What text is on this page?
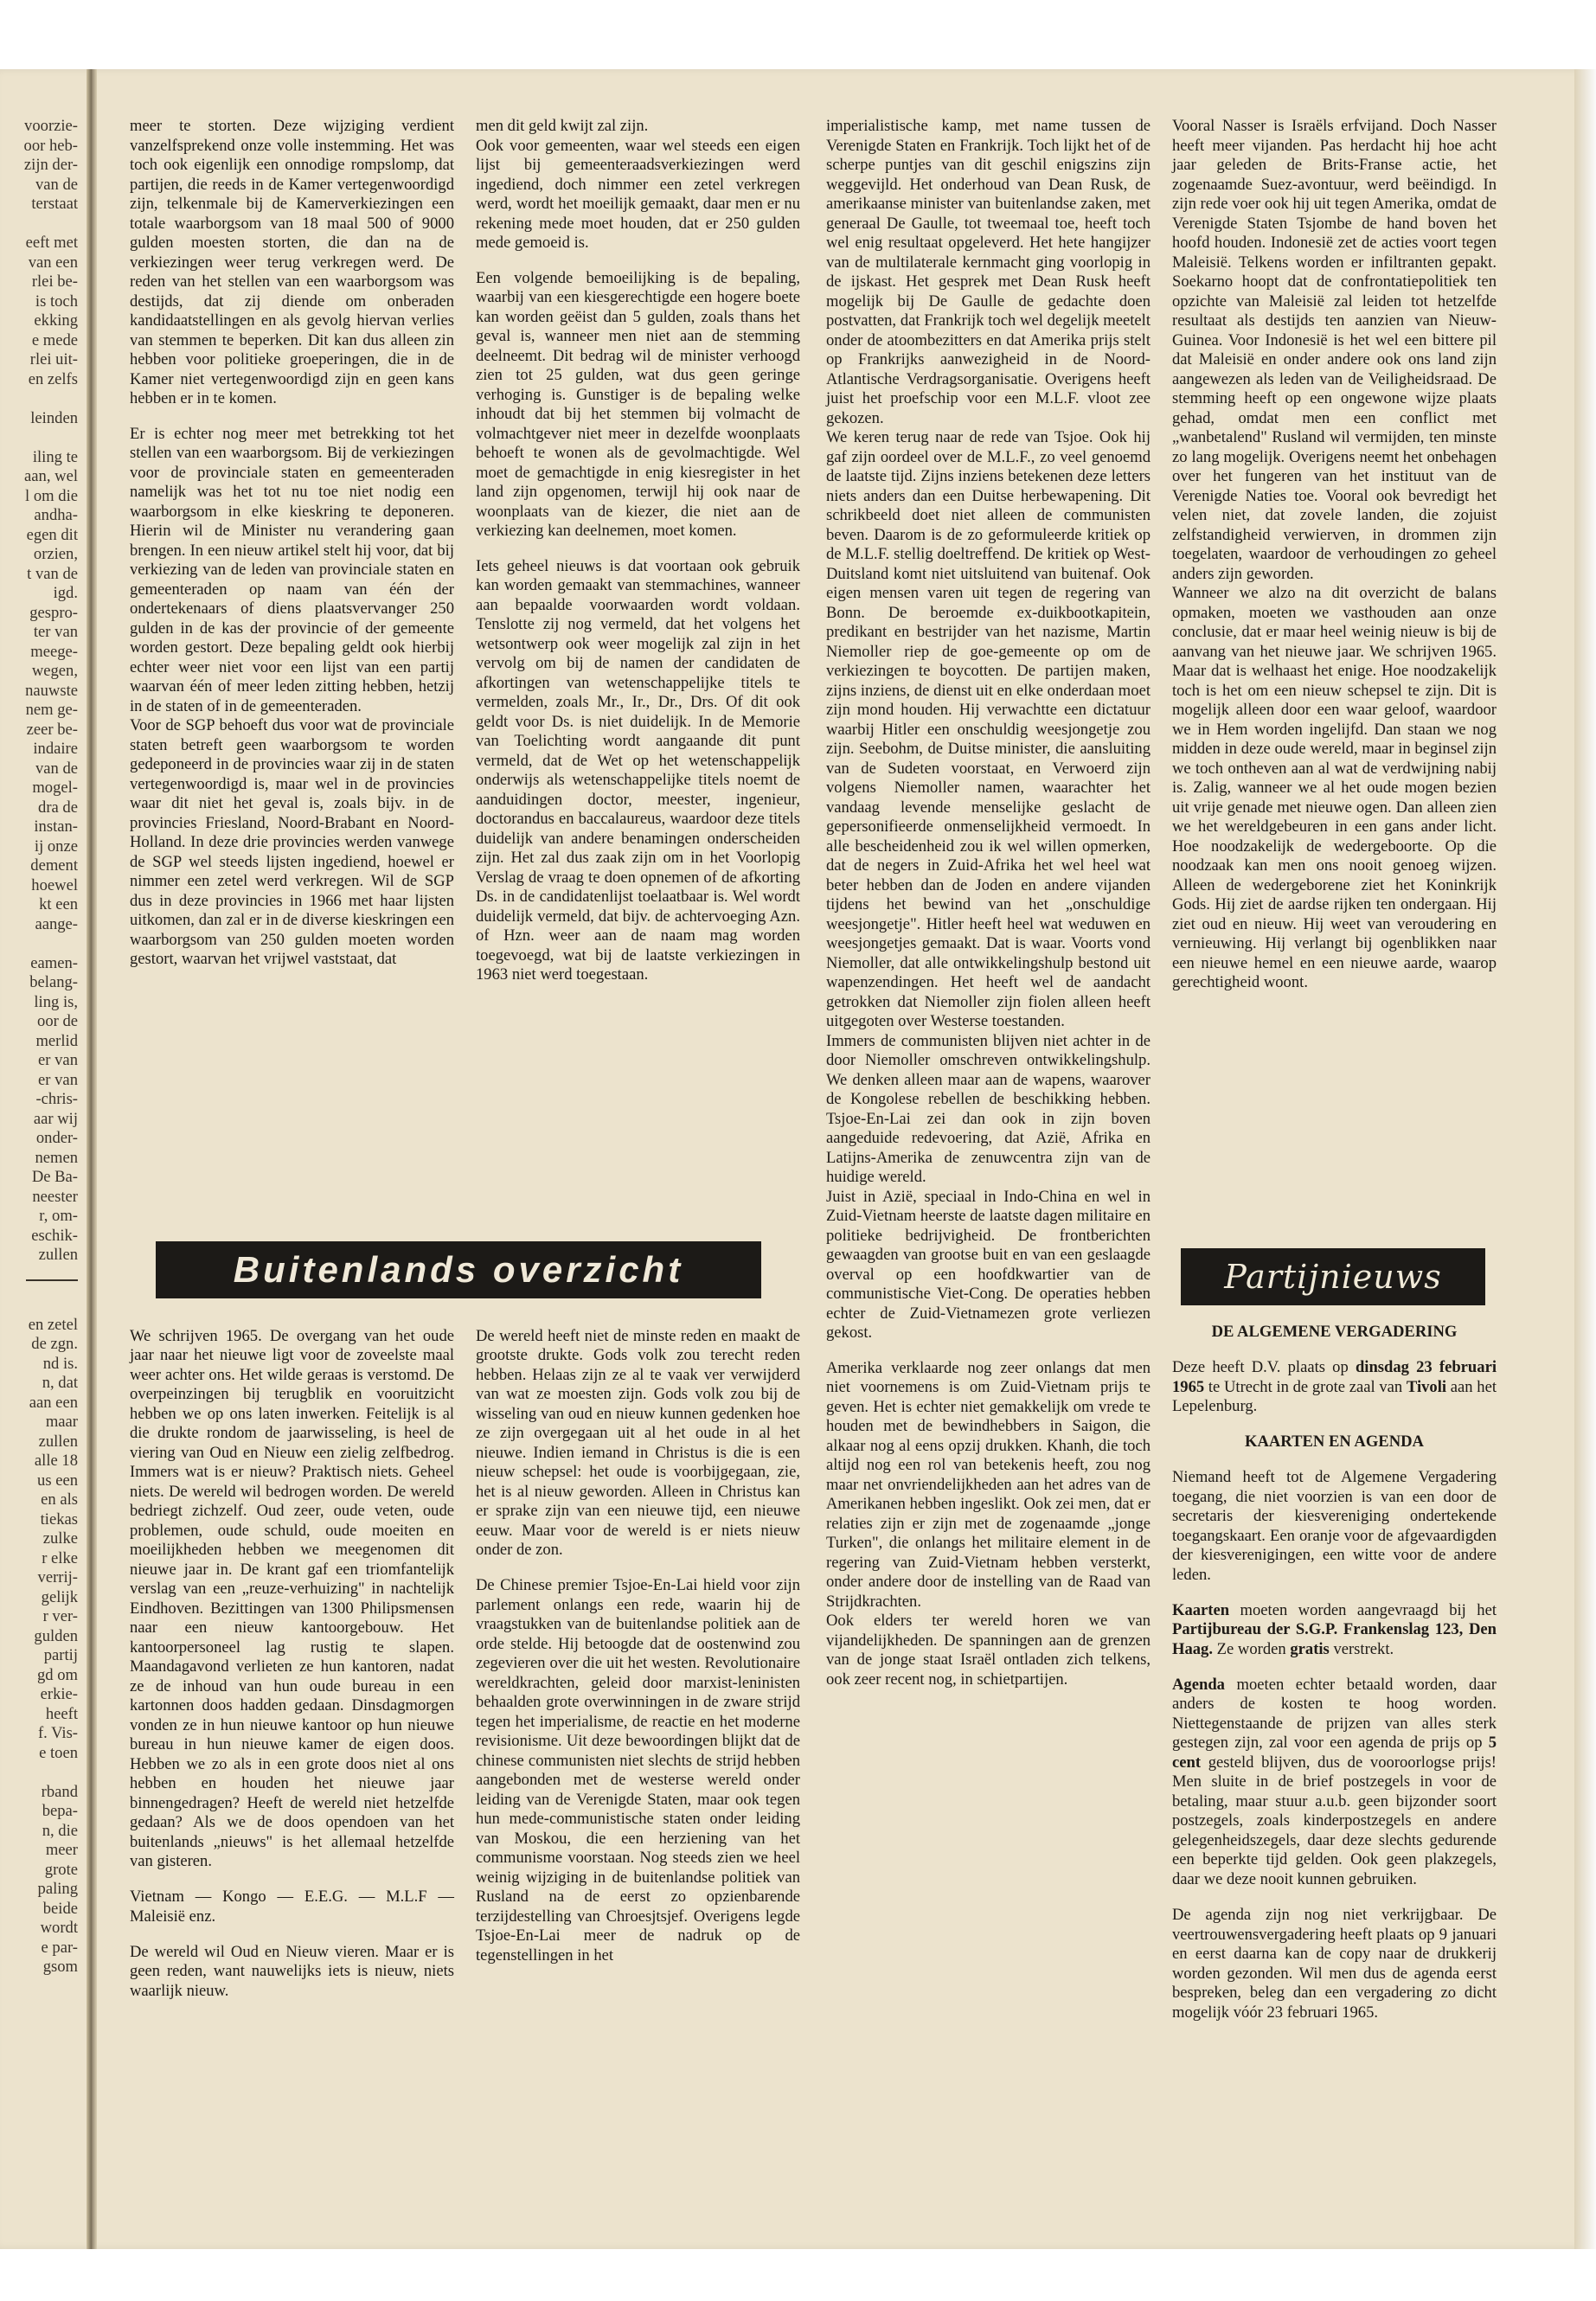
voorzie-

oor heb-

zijn der-

van de

terstaat

eeft met

van een

rlei be-

is toch

ekking

e mede

rlei uit-

en zelfs

leinden

iling te

aan, wel

l om die

andha-

egen dit

orzien,

t van de

igd.

gespro-

ter van

meege-

wegen,

nauwste

nem ge-

zeer be-

indaire

van de

mogel-

dra de

instan-

ij onze

dement

hoewel

kt een

aange-

eamen-

belang-

ling is,

oor de

merlid

er van

er van

-chris-

aar wij

onder-

nemen

De Ba-

neester

r, om-

eschik-

zullen

en zetel

de zgn.

nd is.

n, dat

aan een

maar

zullen

alle 18

us een

en als

tiekas

zulke

r elke

verrij-

gelijk

r ver-

gulden

partij

gd om

erkie-

heeft

f. Vis-

e toen

rband

bepa-

n, die

meer

grote

paling

beide

wordt

e par-

gsom

meer te storten. Deze wijziging verdient vanzelfsprekend onze volle instemming. Het was toch ook eigenlijk een onnodige rompslomp, dat partijen, die reeds in de Kamer vertegenwoordigd zijn, telkenmale bij de Kamerverkiezingen een totale waarborgsom van 18 maal 500 of 9000 gulden moesten storten, die dan na de verkiezingen weer terug verkregen werd. De reden van het stellen van een waarborgsom was destijds, dat zij diende om onberaden kandidaatstellingen en als gevolg hiervan verlies van stemmen te beperken. Dit kan dus alleen zin hebben voor politieke groeperingen, die in de Kamer niet vertegenwoordigd zijn en geen kans hebben er in te komen.

Er is echter nog meer met betrekking tot het stellen van een waarborgsom. Bij de verkiezingen voor de provinciale staten en gemeenteraden namelijk was het tot nu toe niet nodig een waarborgsom in elke kieskring te deponeren. Hierin wil de Minister nu verandering gaan brengen. In een nieuw artikel stelt hij voor, dat bij verkiezing van de leden van provinciale staten en gemeenteraden op naam van één der ondertekenaars of diens plaatsvervanger 250 gulden in de kas der provincie of der gemeente worden gestort. Deze bepaling geldt ook hierbij echter weer niet voor een lijst van een partij waarvan één of meer leden zitting hebben, hetzij in de staten of in de gemeenteraden.

Voor de SGP behoeft dus voor wat de provinciale staten betreft geen waarborgsom te worden gedeponeerd in de provincies waar zij in de staten vertegenwoordigd is, maar wel in de provincies waar dit niet het geval is, zoals bijv. in de provincies Friesland, Noord-Brabant en Noord-Holland. In deze drie provincies werden vanwege de SGP wel steeds lijsten ingediend, hoewel er nimmer een zetel werd verkregen. Wil de SGP dus in deze provincies in 1966 met haar lijsten uitkomen, dan zal er in de diverse kieskringen een waarborgsom van 250 gulden moeten worden gestort, waarvan het vrijwel vaststaat, dat

men dit geld kwijt zal zijn.

Ook voor gemeenten, waar wel steeds een eigen lijst bij gemeenteraadsverkiezingen werd ingediend, doch nimmer een zetel verkregen werd, wordt het moeilijk gemaakt, daar men er nu rekening mede moet houden, dat er 250 gulden mede gemoeid is.

Een volgende bemoeilijking is de bepaling, waarbij van een kiesgerechtigde een hogere boete kan worden geëist dan 5 gulden, zoals thans het geval is, wanneer men niet aan de stemming deelneemt. Dit bedrag wil de minister verhoogd zien tot 25 gulden, wat dus geen geringe verhoging is. Gunstiger is de bepaling welke inhoudt dat bij het stemmen bij volmacht de volmachtgever niet meer in dezelfde woonplaats behoeft te wonen als de gevolmachtigde. Wel moet de gemachtigde in enig kiesregister in het land zijn opgenomen, terwijl hij ook naar de woonplaats van de kiezer, die niet aan de verkiezing kan deelnemen, moet komen.

Iets geheel nieuws is dat voortaan ook gebruik kan worden gemaakt van stemmachines, wanneer aan bepaalde voorwaarden wordt voldaan. Tenslotte zij nog vermeld, dat het volgens het wetsontwerp ook weer mogelijk zal zijn in het vervolg om bij de namen der candidaten de afkortingen van wetenschappelijke titels te vermelden, zoals Mr., Ir., Dr., Drs. Of dit ook geldt voor Ds. is niet duidelijk. In de Memorie van Toelichting wordt aangaande dit punt vermeld, dat de Wet op het wetenschappelijk onderwijs als wetenschappelijke titels noemt de aanduidingen doctor, meester, ingenieur, doctorandus en baccalaureus, waardoor deze titels duidelijk van andere benamingen onderscheiden zijn. Het zal dus zaak zijn om in het Voorlopig Verslag de vraag te doen opnemen of de afkorting Ds. in de candidatenlijst toelaatbaar is. Wel wordt duidelijk vermeld, dat bijv. de achtervoeging Azn. of Hzn. weer aan de naam mag worden toegevoegd, wat bij de laatste verkiezingen in 1963 niet werd toegestaan.

imperialistische kamp, met name tussen de Verenigde Staten en Frankrijk. Toch lijkt het of de scherpe puntjes van dit geschil enigszins zijn weggevijld. Het onderhoud van Dean Rusk, de amerikaanse minister van buitenlandse zaken, met generaal De Gaulle, tot tweemaal toe, heeft toch wel enig resultaat opgeleverd. Het hete hangijzer van de multilaterale kernmacht ging voorlopig in de ijskast. Het gesprek met Dean Rusk heeft mogelijk bij De Gaulle de gedachte doen postvatten, dat Frankrijk toch wel degelijk meetelt onder de atoombezitters en dat Amerika prijs stelt op Frankrijks aanwezigheid in de Noord-Atlantische Verdragsorganisatie. Overigens heeft juist het proefschip voor een M.L.F. vloot zee gekozen.

We keren terug naar de rede van Tsjoe. Ook hij gaf zijn oordeel over de M.L.F., zo veel genoemd de laatste tijd. Zijns inziens betekenen deze letters niets anders dan een Duitse herbewapening. Dit schrikbeeld doet niet alleen de communisten beven. Daarom is de zo geformuleerde kritiek op de M.L.F. stellig doeltreffend. De kritiek op West-Duitsland komt niet uitsluitend van buitenaf. Ook eigen mensen varen uit tegen de regering van Bonn. De beroemde ex-duikbootkapitein, predikant en bestrijder van het nazisme, Martin Niemoller riep de goe-gemeente op om de verkiezingen te boycotten. De partijen maken, zijns inziens, de dienst uit en elke onderdaan moet zijn mond houden. Hij verwachtte een dictatuur waarbij Hitler een onschuldig weesjongetje zou zijn. Seebohm, de Duitse minister, die aansluiting van de Sudeten voorstaat, en Verwoerd zijn volgens Niemoller namen, waarachter het vandaag levende menselijke geslacht de gepersonifieerde onmenselijkheid vermoedt. In alle bescheidenheid zou ik wel willen opmerken, dat de negers in Zuid-Afrika het wel heel wat beter hebben dan de Joden en andere vijanden tijdens het bewind van het „onschuldige weesjongetje". Hitler heeft heel wat weduwen en weesjongetjes gemaakt. Dat is waar. Voorts vond Niemoller, dat alle ontwikkelingshulp bestond uit wapenzendingen. Het heeft wel de aandacht getrokken dat Niemoller zijn fiolen alleen heeft uitgegoten over Westerse toestanden.

Immers de communisten blijven niet achter in de door Niemoller omschreven ontwikkelingshulp. We denken alleen maar aan de wapens, waarover de Kongolese rebellen de beschikking hebben. Tsjoe-En-Lai zei dan ook in zijn boven aangeduide redevoering, dat Azië, Afrika en Latijns-Amerika de zenuwcentra zijn van de huidige wereld.

Juist in Azië, speciaal in Indo-China en wel in Zuid-Vietnam heerste de laatste dagen militaire en politieke bedrijvigheid. De frontberichten gewaagden van grootse buit en van een geslaagde overval op een hoofdkwartier van de communistische Viet-Cong. De operaties hebben echter de Zuid-Vietnamezen grote verliezen gekost.

Amerika verklaarde nog zeer onlangs dat men niet voornemens is om Zuid-Vietnam prijs te geven. Het is echter niet gemakkelijk om vrede te houden met de bewindhebbers in Saigon, die alkaar nog al eens opzij drukken. Khanh, die toch altijd nog een rol van betekenis heeft, zou nog maar net onvriendelijkheden aan het adres van de Amerikanen hebben ingeslikt. Ook zei men, dat er relaties zijn er zijn met de zogenaamde „jonge Turken", die onlangs het militaire element in de regering van Zuid-Vietnam hebben versterkt, onder andere door de instelling van de Raad van Strijdkrachten.

Ook elders ter wereld horen we van vijandelijkheden. De spanningen aan de grenzen van de jonge staat Israël ontladen zich telkens, ook zeer recent nog, in schietpartijen.

Vooral Nasser is Israëls erfvijand. Doch Nasser heeft meer vijanden. Pas herdacht hij hoe acht jaar geleden de Brits-Franse actie, het zogenaamde Suez-avontuur, werd beëindigd. In zijn rede voer ook hij uit tegen Amerika, omdat de Verenigde Staten Tsjombe de hand boven het hoofd houden. Indonesië zet de acties voort tegen Maleisië. Telkens worden er infiltranten gepakt. Soekarno hoopt dat de confrontatiepolitiek ten opzichte van Maleisië zal leiden tot hetzelfde resultaat als destijds ten aanzien van Nieuw-Guinea. Voor Indonesië is het wel een bittere pil dat Maleisië en onder andere ook ons land zijn aangewezen als leden van de Veiligheidsraad. De stemming heeft op een ongewone wijze plaats gehad, omdat men een conflict met „wanbetalend" Rusland wil vermijden, ten minste zo lang mogelijk. Overigens neemt het onbehagen over het fungeren van het instituut van de Verenigde Naties toe. Vooral ook bevredigt het velen niet, dat zovele landen, die zojuist zelfstandigheid verwierven, in drommen zijn toegelaten, waardoor de verhoudingen zo geheel anders zijn geworden.

Wanneer we alzo na dit overzicht de balans opmaken, moeten we vasthouden aan onze conclusie, dat er maar heel weinig nieuw is bij de aanvang van het nieuwe jaar. We schrijven 1965. Maar dat is welhaast het enige. Hoe noodzakelijk toch is het om een nieuw schepsel te zijn. Dit is mogelijk alleen door een waar geloof, waardoor we in Hem worden ingelijfd. Dan staan we nog midden in deze oude wereld, maar in beginsel zijn we toch ontheven aan al wat de verdwijning nabij is. Zalig, wanneer we al het oude mogen bezien uit vrije genade met nieuwe ogen. Dan alleen zien we het wereldgebeuren in een gans ander licht. Hoe noodzakelijk de wedergeboorte. Op die noodzaak kan men ons nooit genoeg wijzen. Alleen de wedergeborene ziet het Koninkrijk Gods. Hij ziet de aardse rijken ten ondergaan. Hij ziet oud en nieuw. Hij weet van veroudering en vernieuwing. Hij verlangt bij ogenblikken naar een nieuwe hemel en een nieuwe aarde, waarop gerechtigheid woont.

Buitenlands overzicht

We schrijven 1965. De overgang van het oude jaar naar het nieuwe ligt voor de zoveelste maal weer achter ons. Het wilde geraas is verstomd. De overpeinzingen bij terugblik en vooruitzicht hebben we op ons laten inwerken. Feitelijk is al die drukte rondom de jaarwisseling, is heel de viering van Oud en Nieuw een zielig zelfbedrog. Immers wat is er nieuw? Praktisch niets. Geheel niets. De wereld wil bedrogen worden. De wereld bedriegt zichzelf. Oud zeer, oude veten, oude problemen, oude schuld, oude moeiten en moeilijkheden hebben we meegenomen dit nieuwe jaar in. De krant gaf een triomfantelijk verslag van een „reuze-verhuizing" in nachtelijk Eindhoven. Bezittingen van 1300 Philipsmensen naar een nieuw kantoorgebouw. Het kantoorpersoneel lag rustig te slapen. Maandagavond verlieten ze hun kantoren, nadat ze de inhoud van hun oude bureau in een kartonnen doos hadden gedaan. Dinsdagmorgen vonden ze in hun nieuwe kantoor op hun nieuwe bureau in hun nieuwe kamer de eigen doos. Hebben we zo als in een grote doos niet al ons hebben en houden het nieuwe jaar binnengedragen? Heeft de wereld niet hetzelfde gedaan? Als we de doos opendoen van het buitenlands „nieuws" is het allemaal hetzelfde van gisteren.

Vietnam — Kongo — E.E.G. — M.L.F — Maleisië enz.

De wereld wil Oud en Nieuw vieren. Maar er is geen reden, want nauwelijks iets is nieuw, niets waarlijk nieuw.

De wereld heeft niet de minste reden en maakt de grootste drukte. Gods volk zou terecht reden hebben. Helaas zijn ze al te vaak ver verwijderd van wat ze moesten zijn. Gods volk zou bij de wisseling van oud en nieuw kunnen gedenken hoe ze zijn overgegaan uit al het oude in al het nieuwe. Indien iemand in Christus is die is een nieuw schepsel: het oude is voorbijgegaan, zie, het is al nieuw geworden. Alleen in Christus kan er sprake zijn van een nieuwe tijd, een nieuwe eeuw. Maar voor de wereld is er niets nieuw onder de zon.

De Chinese premier Tsjoe-En-Lai hield voor zijn parlement onlangs een rede, waarin hij de vraagstukken van de buitenlandse politiek aan de orde stelde. Hij betoogde dat de oostenwind zou zegevieren over die uit het westen. Revolutionaire wereldkrachten, geleid door marxist-leninisten behaalden grote overwinningen in de zware strijd tegen het imperialisme, de reactie en het moderne revisionisme. Uit deze bewoordingen blijkt dat de chinese communisten niet slechts de strijd hebben aangebonden met de westerse wereld onder leiding van de Verenigde Staten, maar ook tegen hun mede-communistische staten onder leiding van Moskou, die een herziening van het communisme voorstaan. Nog steeds zien we heel weinig wijziging in de buitenlandse politiek van Rusland na de eerst zo opzienbarende terzijdestelling van Chroesjtsjef. Overigens legde Tsjoe-En-Lai meer de nadruk op de tegenstellingen in het

Partijnieuws
DE ALGEMENE VERGADERING

Deze heeft D.V. plaats op dinsdag 23 februari 1965 te Utrecht in de grote zaal van Tivoli aan het Lepelenburg.

KAARTEN EN AGENDA

Niemand heeft tot de Algemene Vergadering toegang, die niet voorzien is van een door de secretaris der kiesvereniging ondertekende toegangskaart. Een oranje voor de afgevaardigden der kiesverenigingen, een witte voor de andere leden.

Kaarten moeten worden aangevraagd bij het Partijbureau der S.G.P. Frankenslag 123, Den Haag. Ze worden gratis verstrekt.

Agenda moeten echter betaald worden, daar anders de kosten te hoog worden. Niettegenstaande de prijzen van alles sterk gestegen zijn, zal voor een agenda de prijs op 5 cent gesteld blijven, dus de vooroorlogse prijs! Men sluite in de brief postzegels in voor de betaling, maar stuur a.u.b. geen bijzonder soort postzegels, zoals kinderpostzegels en andere gelegenheidszegels, daar deze slechts gedurende een beperkte tijd gelden. Ook geen plakzegels, daar we deze nooit kunnen gebruiken.

De agenda zijn nog niet verkrijgbaar. De veertrouwensvergadering heeft plaats op 9 januari en eerst daarna kan de copy naar de drukkerij worden gezonden. Wil men dus de agenda eerst bespreken, beleg dan een vergadering zo dicht mogelijk vóór 23 februari 1965.
